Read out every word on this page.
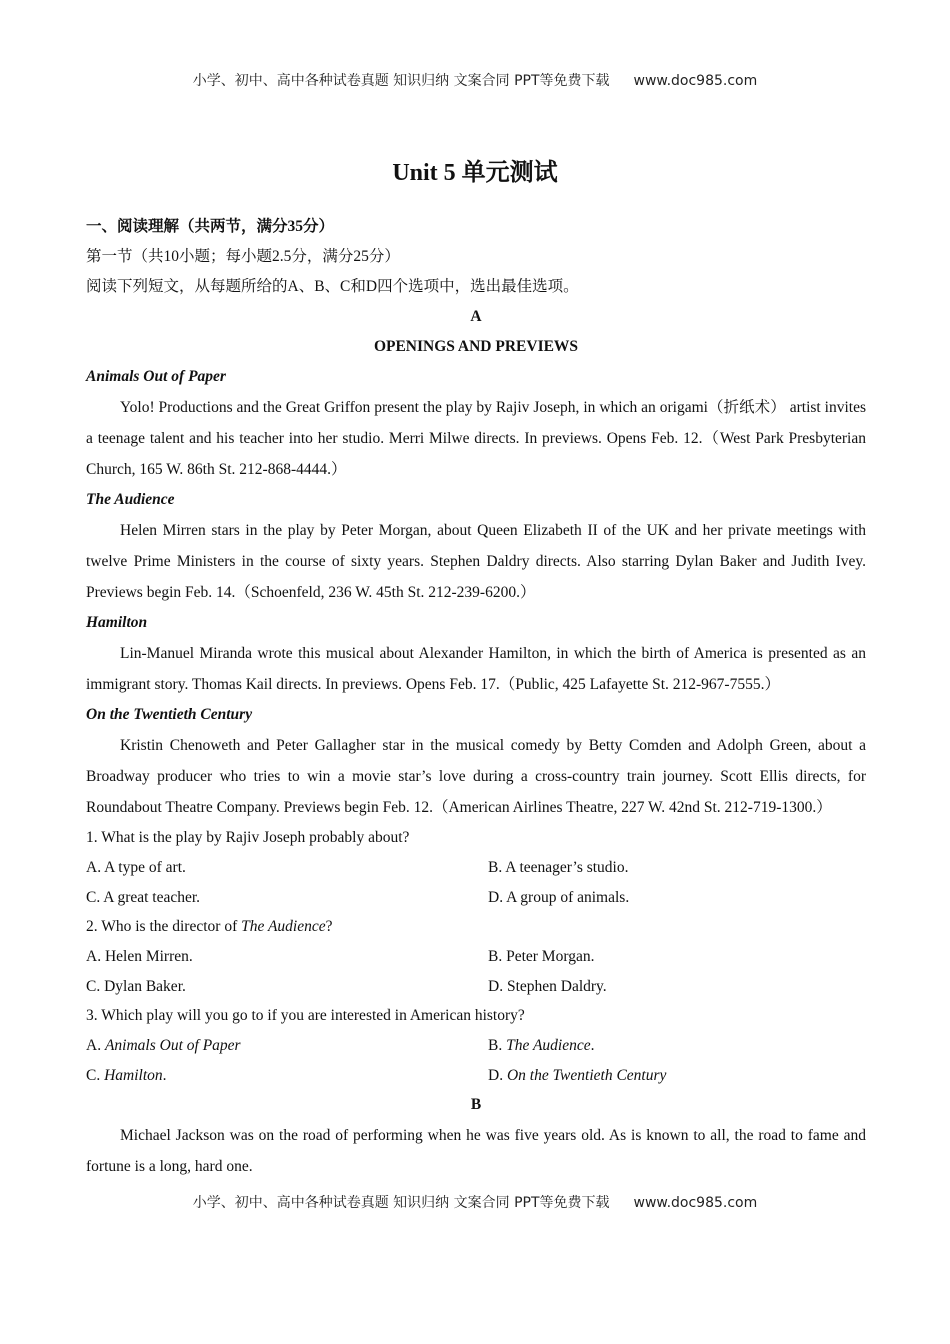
小学、初中、高中各种试卷真题 知识归纳 文案合同 PPT等免费下载 www.doc985.com
Unit 5 单元测试

一、阅读理解（共两节，满分35分）

第一节（共10小题；每小题2.5分，满分25分）

阅读下列短文，从每题所给的A、B、C和D四个选项中，选出最佳选项。

A

OPENINGS AND PREVIEWS

Animals Out of Paper

Yolo! Productions and the Great Griffon present the play by Rajiv Joseph, in which an origami（折纸术） artist invites a teenage talent and his teacher into her studio. Merri Milwe directs. In previews. Opens Feb. 12.（West Park Presbyterian Church, 165 W. 86th St. 212-868-4444.）

The Audience

Helen Mirren stars in the play by Peter Morgan, about Queen Elizabeth II of the UK and her private meetings with twelve Prime Ministers in the course of sixty years. Stephen Daldry directs. Also starring Dylan Baker and Judith Ivey. Previews begin Feb. 14.（Schoenfeld, 236 W. 45th St. 212-239-6200.）

Hamilton

Lin-Manuel Miranda wrote this musical about Alexander Hamilton, in which the birth of America is presented as an immigrant story. Thomas Kail directs. In previews. Opens Feb. 17.（Public, 425 Lafayette St. 212-967-7555.）

On the Twentieth Century

Kristin Chenoweth and Peter Gallagher star in the musical comedy by Betty Comden and Adolph Green, about a Broadway producer who tries to win a movie star’s love during a cross-country train journey. Scott Ellis directs, for Roundabout Theatre Company. Previews begin Feb. 12.（American Airlines Theatre, 227 W. 42nd St. 212-719-1300.）

1. What is the play by Rajiv Joseph probably about?

A. A type of art.	B. A teenager’s studio.
C. A great teacher.	D. A group of animals.

2. Who is the director of The Audience?

A. Helen Mirren.	B. Peter Morgan.
C. Dylan Baker.	D. Stephen Daldry.

3. Which play will you go to if you are interested in American history?

A. Animals Out of Paper	B. The Audience.
C. Hamilton.	D. On the Twentieth Century

B

Michael Jackson was on the road of performing when he was five years old. As is known to all, the road to fame and fortune is a long, hard one.

小学、初中、高中各种试卷真题 知识归纳 文案合同 PPT等免费下载 www.doc985.com
